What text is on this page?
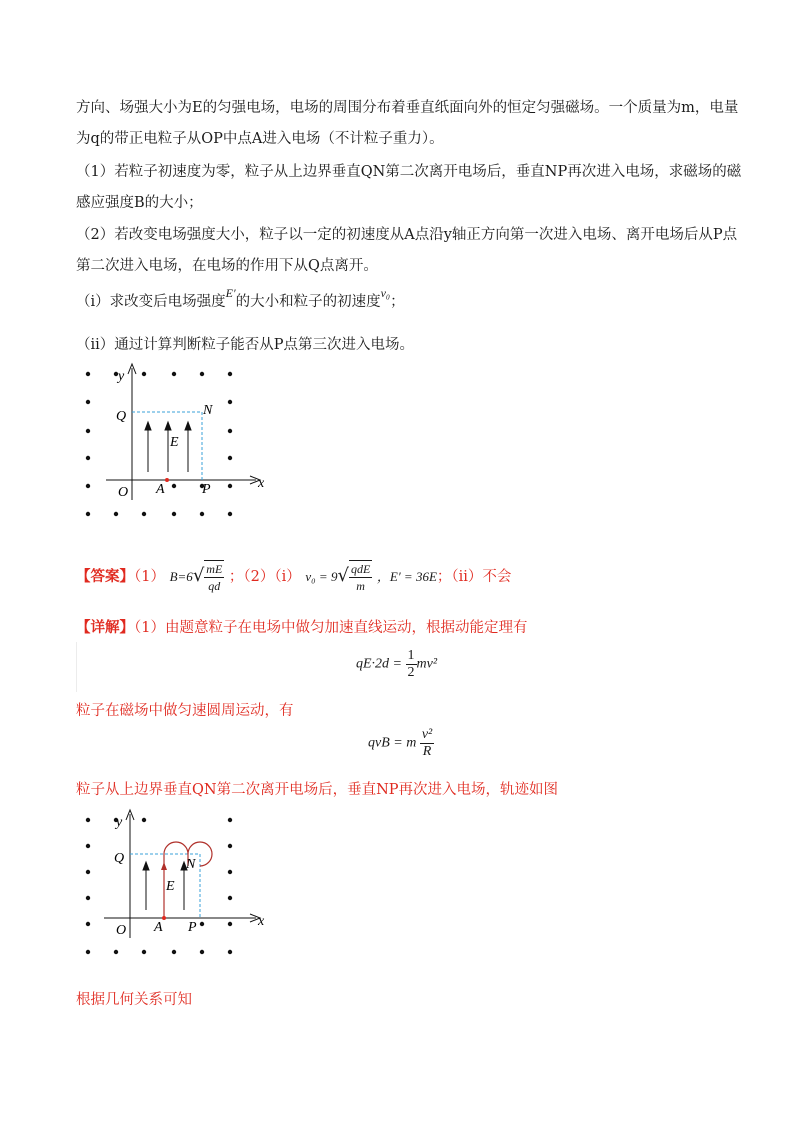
方向、场强大小为E的匀强电场，电场的周围分布着垂直纸面向外的恒定匀强磁场。一个质量为m，电量
为q的带正电粒子从OP中点A进入电场（不计粒子重力）。
（1）若粒子初速度为零，粒子从上边界垂直QN第二次离开电场后，垂直NP再次进入电场，求磁场的磁
感应强度B的大小；
（2）若改变电场强度大小，粒子以一定的初速度从A点沿y轴正方向第一次进入电场、离开电场后从P点
第二次进入电场，在电场的作用下从Q点离开。
（i）求改变后电场强度$^{E'}$的大小和粒子的初速度$^{v_0}$；
（ii）通过计算判断粒子能否从P点第三次进入电场。
y
x
O A	P
Q	N
E
【答案】（1） $B=6√ \frac{mE}{qd}$ ；（2）（i） $v_0 = 9√ \frac{\text{qdE}}{m}$ ，E′ = 36E；（ii）不会
【详解】（1）由题意粒子在电场中做匀加速直线运动，根据动能定理有
$qE\cdot 2d = \frac{1}{2} mv^2$
粒子在磁场中做匀速圆周运动，有
qvB = m $\frac{\text{v²}}{R}$
粒子从上边界垂直QN第二次离开电场后，垂直NP再次进入电场，轨迹如图
y
x
O A P
Q	N
E
根据几何关系可知
